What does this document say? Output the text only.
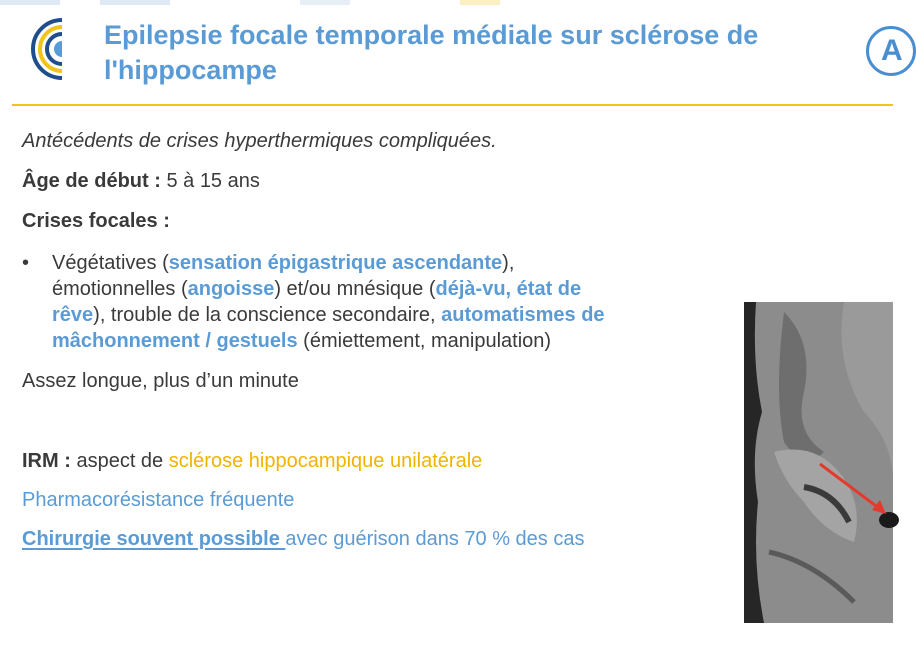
Epilepsie focale temporale médiale sur sclérose de
l'hippocampe
A
Antécédents de crises hyperthermiques compliquées.
Âge de début : 5 à 15 ans
Crises focales :
• Végétatives (sensation épigastrique ascendante),
émotionnelles (angoisse) et/ou mnésique (déjà-vu, état de
rêve), trouble de la conscience secondaire, automatismes de
mâchonnement / gestuels (émiettement, manipulation)
Assez longue, plus d’un minute
IRM : aspect de sclérose hippocampique unilatérale
Pharmacorésistance fréquente
Chirurgie souvent possible avec guérison dans 70 % des cas
